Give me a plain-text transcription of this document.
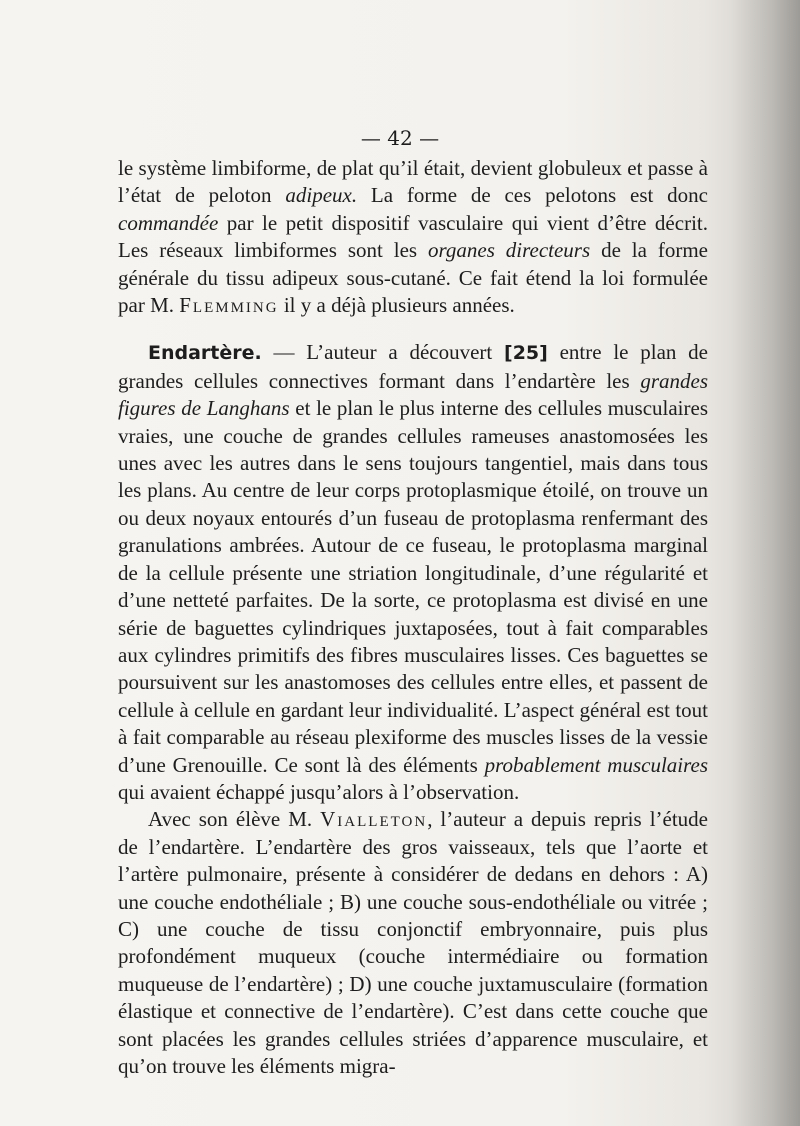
— 42 —

le système limbiforme, de plat qu’il était, devient globuleux et passe à l’état de peloton adipeux. La forme de ces pelotons est donc commandée par le petit dispositif vasculaire qui vient d’être décrit. Les réseaux limbiformes sont les organes directeurs de la forme générale du tissu adipeux sous-cutané. Ce fait étend la loi formulée par M. Flemming il y a déjà plusieurs années.

Endartère. — L’auteur a découvert [25] entre le plan de grandes cellules connectives formant dans l’endartère les grandes figures de Langhans et le plan le plus interne des cellules musculaires vraies, une couche de grandes cellules rameuses anastomosées les unes avec les autres dans le sens toujours tangentiel, mais dans tous les plans. Au centre de leur corps protoplasmique étoilé, on trouve un ou deux noyaux entourés d’un fuseau de protoplasma renfermant des granulations ambrées. Autour de ce fuseau, le protoplasma marginal de la cellule présente une striation longitudinale, d’une régularité et d’une netteté parfaites. De la sorte, ce protoplasma est divisé en une série de baguettes cylindriques juxtaposées, tout à fait comparables aux cylindres primitifs des fibres musculaires lisses. Ces baguettes se poursuivent sur les anastomoses des cellules entre elles, et passent de cellule à cellule en gardant leur individualité. L’aspect général est tout à fait comparable au réseau plexiforme des muscles lisses de la vessie d’une Grenouille. Ce sont là des éléments probablement musculaires qui avaient échappé jusqu’alors à l’observation.

Avec son élève M. Vialleton, l’auteur a depuis repris l’étude de l’endartère. L’endartère des gros vaisseaux, tels que l’aorte et l’artère pulmonaire, présente à considérer de dedans en dehors : A) une couche endothéliale ; B) une couche sous-endothéliale ou vitrée ; C) une couche de tissu conjonctif embryonnaire, puis plus profondément muqueux (couche intermédiaire ou formation muqueuse de l’endartère) ; D) une couche juxtamusculaire (formation élastique et connective de l’endartère). C’est dans cette couche que sont placées les grandes cellules striées d’apparence musculaire, et qu’on trouve les éléments migra-
